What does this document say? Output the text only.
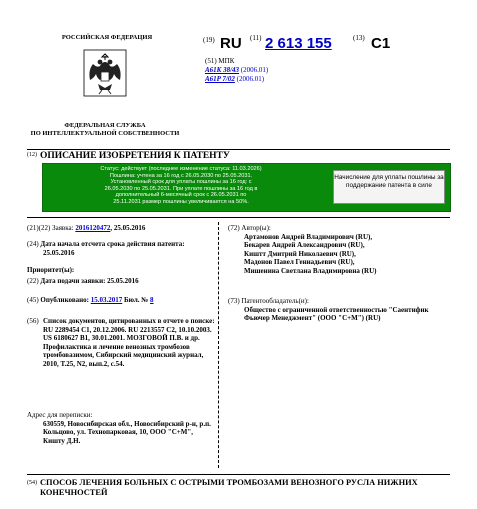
РОССИЙСКАЯ ФЕДЕРАЦИЯ
ФЕДЕРАЛЬНАЯ СЛУЖБА
ПО ИНТЕЛЛЕКТУАЛЬНОЙ СОБСТВЕННОСТИ
(19) RU (11) 2 613 155	(13) C1
(51) МПК
A61K 38/43 (2006.01)
A61P 7/02 (2006.01)
(12) ОПИСАНИЕ ИЗОБРЕТЕНИЯ К ПАТЕНТУ
Статус: действует (последнее изменение статуса: 11.03.2026)
Пошлина: учтена за 16 год с 26.05.2030 по 25.05.2031.
Установленный срок для уплаты пошлины за 16 год: с
26.05.2030 по 25.05.2031. При уплате пошлины за 16 год в
дополнительный 6-месячный срок с 26.05.2031 по
25.11.2031 размер пошлины увеличивается на 50%.
Начисление для уплаты пошлины за поддержание патента в силе
(21)(22) Заявка: 2016120472, 25.05.2016
(24) Дата начала отсчета срока действия патента:
25.05.2016
Приоритет(ы):
(22) Дата подачи заявки: 25.05.2016
(45) Опубликовано: 15.03.2017 Бюл. № 8
(56) Список документов, цитированных в отчете о поиске: RU 2289454 C1, 20.12.2006. RU 2213557 C2, 10.10.2003. US 6180627 B1, 30.01.2001. МОЗГОВОЙ П.В. и др. Профилактика и лечение венозных тромбозов тромбовазимом, Сибирский медицинский журнал, 2010, Т.25, N2, вып.2, с.54.
Адрес для переписки:
630559, Новосибирская обл., Новосибирский р-н, р.п. Кольцово, ул. Технопарковая, 10, ООО "С+М", Кишту Д.Н.
(72) Автор(ы):
Артамонов Андрей Владимирович (RU),
Бекарев Андрей Александрович (RU),
Киштт Дмитрий Николаевич (RU),
Мадонов Павел Геннадьевич (RU),
Мишенина Светлана Владимировна (RU)
(73) Патентообладатель(и):
Общество с ограниченной ответственностью "Саентифик Фьючер Менеджмент" (ООО "С+М") (RU)
(54) СПОСОБ ЛЕЧЕНИЯ БОЛЬНЫХ С ОСТРЫМИ ТРОМБОЗАМИ ВЕНОЗНОГО РУСЛА НИЖНИХ КОНЕЧНОСТЕЙ
